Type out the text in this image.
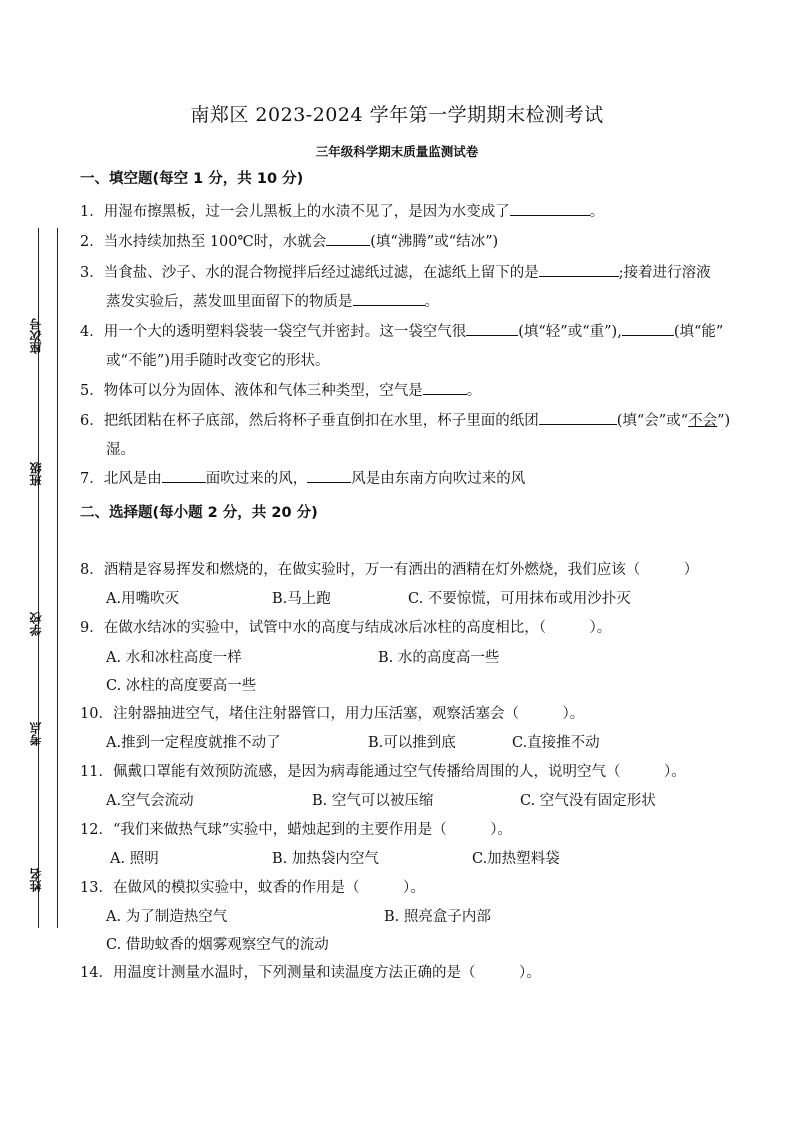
座次号
班级
学校
考点
姓名
南郑区 2023-2024 学年第一学期期末检测考试
三年级科学期末质量监测试卷
一、填空题(每空 1 分，共 10 分)
1．用湿布擦黑板，过一会儿黑板上的水渍不见了，是因为水变成了	。
2．当水持续加热至 100℃时，水就会	(填“沸腾”或“结冰”)
3．当食盐、沙子、水的混合物搅拌后经过滤纸过滤，在滤纸上留下的是	;接着进行溶液
蒸发实验后，蒸发皿里面留下的物质是	。
4．用一个大的透明塑料袋装一袋空气并密封。这一袋空气很	(填“轻”或“重”),	(填“能”
或“不能”)用手随时改变它的形状。
5．物体可以分为固体、液体和气体三种类型，空气是	。
6．把纸团粘在杯子底部，然后将杯子垂直倒扣在水里，杯子里面的纸团	(填“会”或“不会”)
湿。
7．北风是由	面吹过来的风，	风是由东南方向吹过来的风
二、选择题(每小题 2 分，共 20 分)
8．酒精是容易挥发和燃烧的，在做实验时，万一有洒出的酒精在灯外燃烧，我们应该（　　　）
A.用嘴吹灭	B.马上跑	C. 不要惊慌，可用抹布或用沙扑灭
9．在做水结冰的实验中，试管中水的高度与结成冰后冰柱的高度相比，（　　　）。
A. 水和冰柱高度一样	B. 水的高度高一些
C. 冰柱的高度要高一些
10．注射器抽进空气，堵住注射器管口，用力压活塞，观察活塞会（　　　）。
A.推到一定程度就推不动了	B.可以推到底	C.直接推不动
11．佩戴口罩能有效预防流感，是因为病毒能通过空气传播给周围的人，说明空气（　　　）。
A.空气会流动	B. 空气可以被压缩	C. 空气没有固定形状
12．“我们来做热气球”实验中，蜡烛起到的主要作用是（　　　）。
A. 照明	B. 加热袋内空气	C.加热塑料袋
13．在做风的模拟实验中，蚊香的作用是（　　　）。
A. 为了制造热空气	B. 照亮盒子内部
C. 借助蚊香的烟雾观察空气的流动
14．用温度计测量水温时，下列测量和读温度方法正确的是（　　　）。
